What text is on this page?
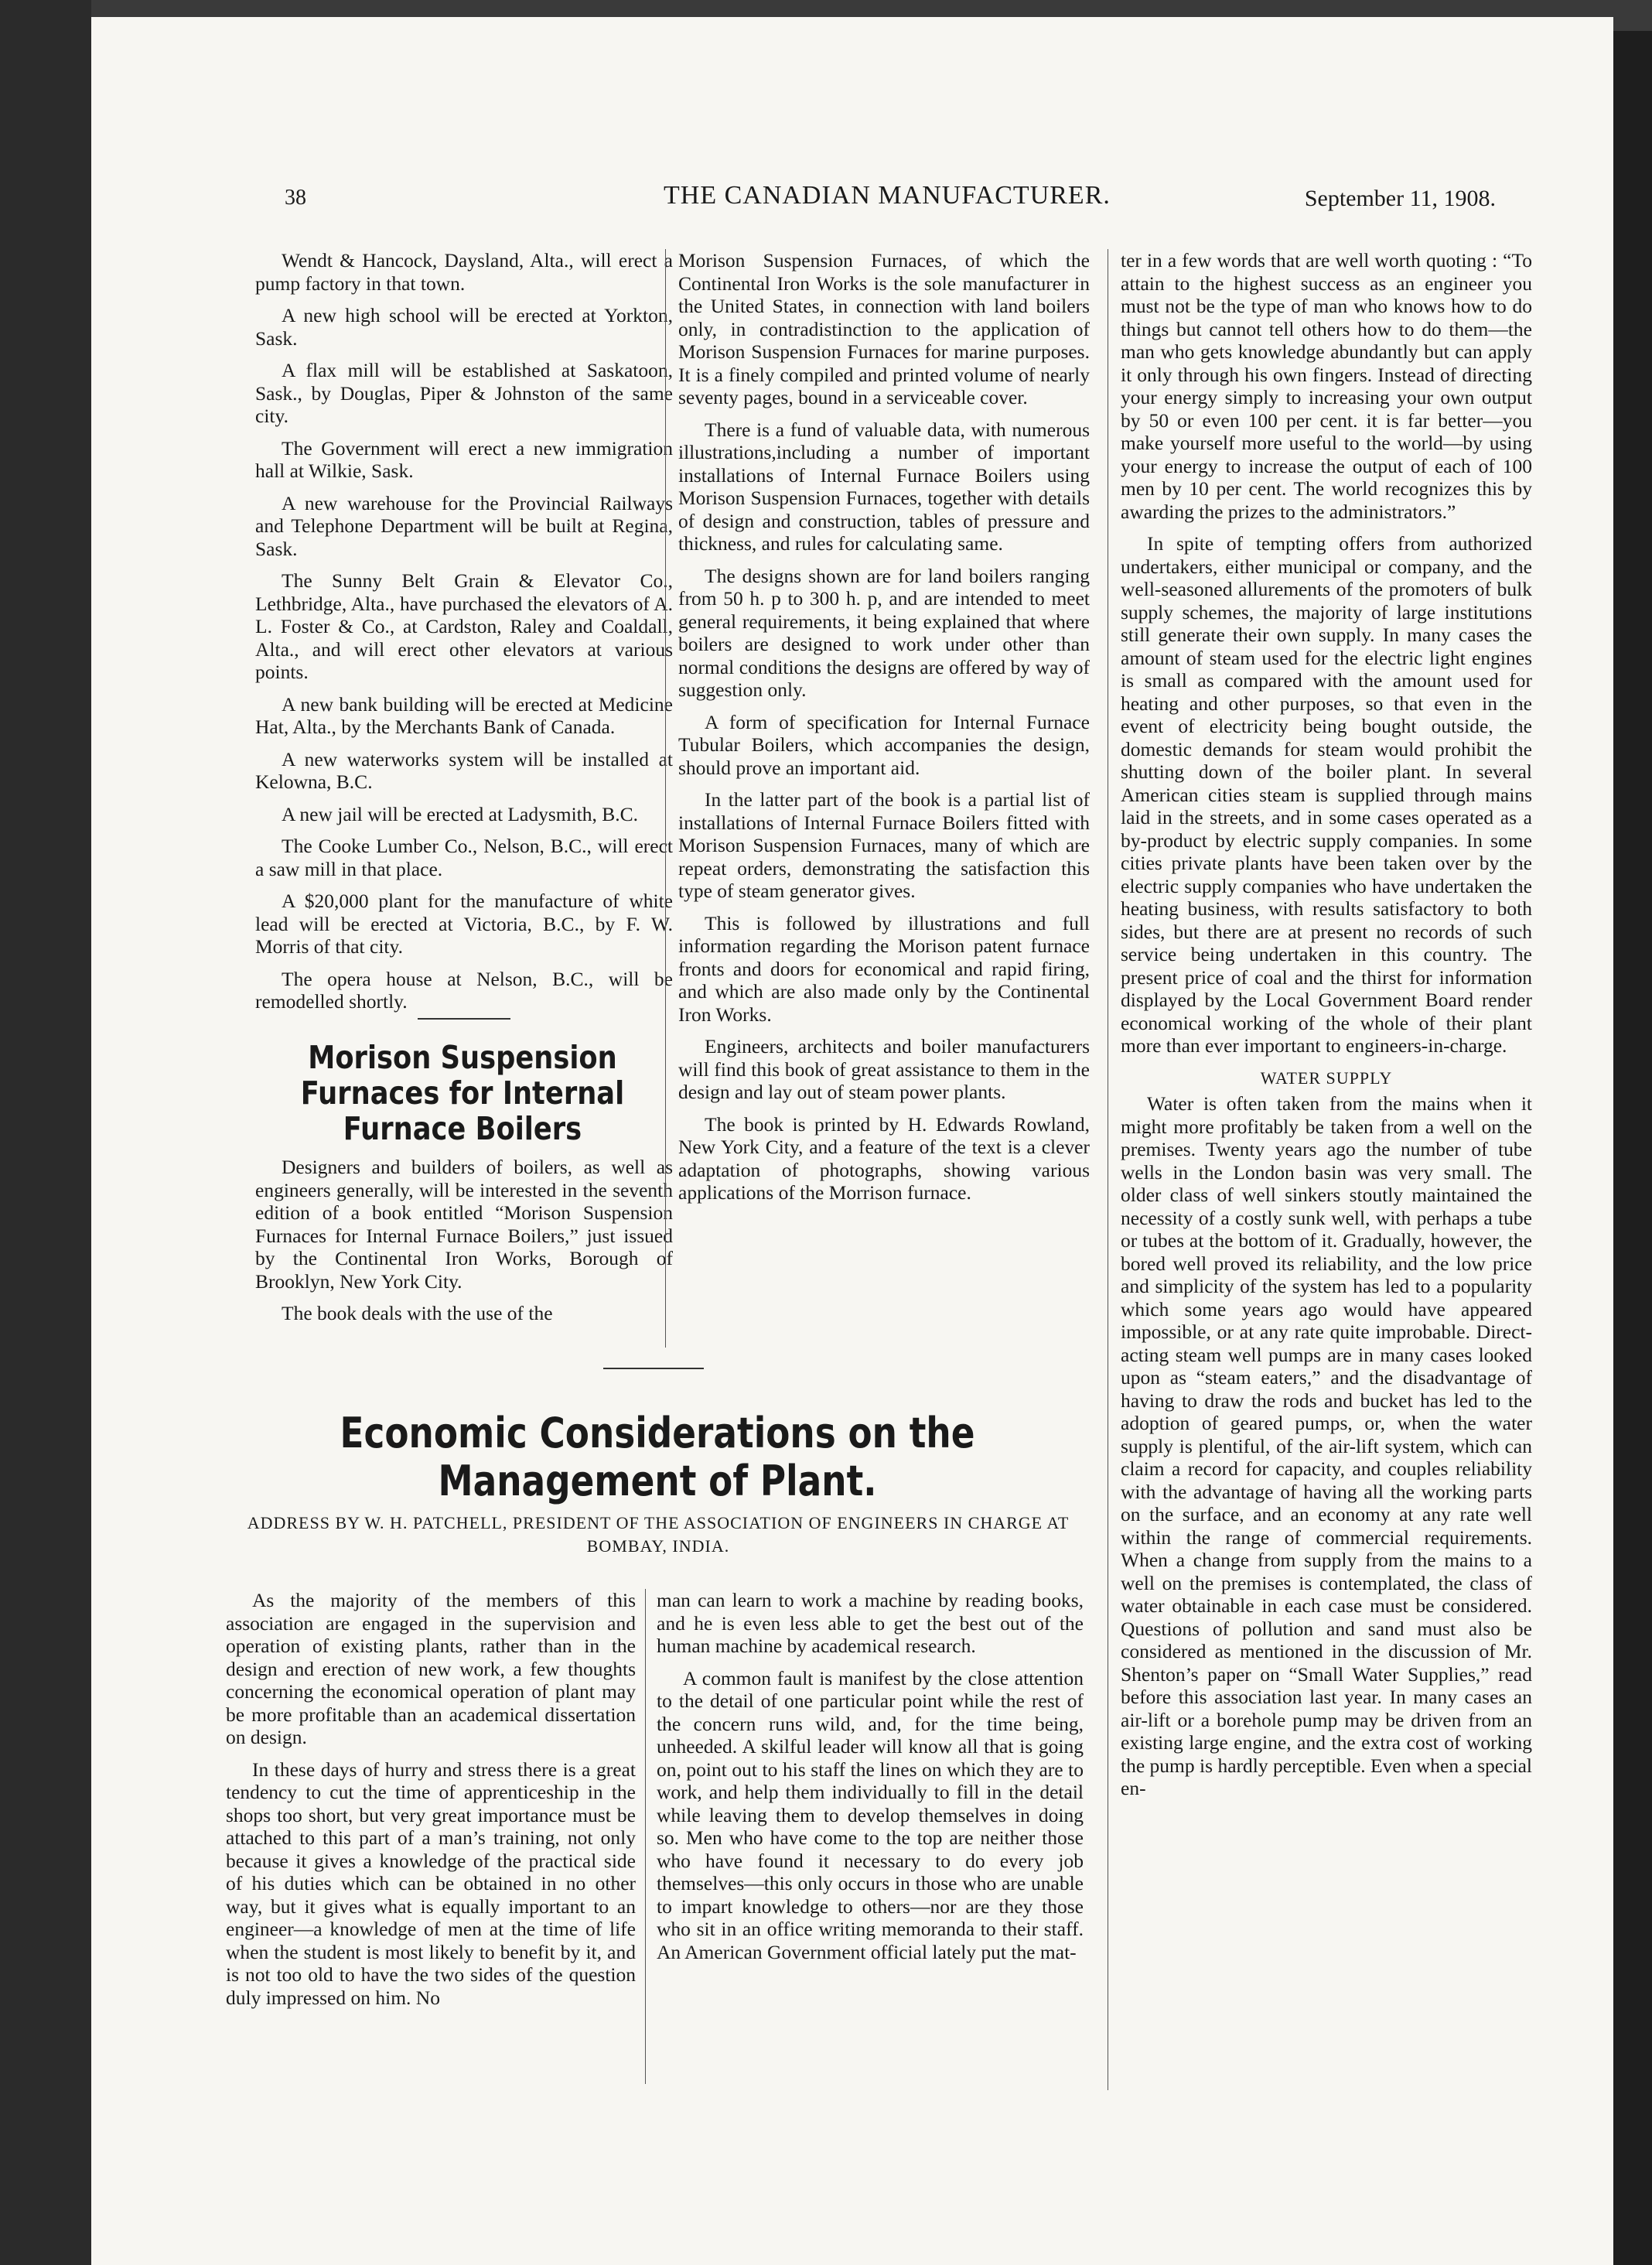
38	THE CANADIAN MANUFACTURER.	September 11, 1908.

Wendt & Hancock, Daysland, Alta., will erect a pump factory in that town.

A new high school will be erected at Yorkton, Sask.

A flax mill will be established at Saskatoon, Sask., by Douglas, Piper & Johnston of the same city.

The Government will erect a new immigration hall at Wilkie, Sask.

A new warehouse for the Provincial Railways and Telephone Department will be built at Regina, Sask.

The Sunny Belt Grain & Elevator Co., Lethbridge, Alta., have purchased the elevators of A. L. Foster & Co., at Cardston, Raley and Coaldall, Alta., and will erect other elevators at various points.

A new bank building will be erected at Medicine Hat, Alta., by the Merchants Bank of Canada.

A new waterworks system will be installed at Kelowna, B.C.

A new jail will be erected at Ladysmith, B.C.

The Cooke Lumber Co., Nelson, B.C., will erect a saw mill in that place.

A $20,000 plant for the manufacture of white lead will be erected at Victoria, B.C., by F. W. Morris of that city.

The opera house at Nelson, B.C., will be remodelled shortly.

Morison Suspension Furnaces for Internal Furnace Boilers

Designers and builders of boilers, as well as engineers generally, will be interested in the seventh edition of a book entitled “Morison Suspension Furnaces for Internal Furnace Boilers,” just issued by the Continental Iron Works, Borough of Brooklyn, New York City.

The book deals with the use of the

Morison Suspension Furnaces, of which the Continental Iron Works is the sole manufacturer in the United States, in connection with land boilers only, in contradistinction to the application of Morison Suspension Furnaces for marine purposes. It is a finely compiled and printed volume of nearly seventy pages, bound in a serviceable cover.

There is a fund of valuable data, with numerous illustrations,including a number of important installations of Internal Furnace Boilers using Morison Suspension Furnaces, together with details of design and construction, tables of pressure and thickness, and rules for calculating same.

The designs shown are for land boilers ranging from 50 h. p to 300 h. p, and are intended to meet general requirements, it being explained that where boilers are designed to work under other than normal conditions the designs are offered by way of suggestion only.

A form of specification for Internal Furnace Tubular Boilers, which accompanies the design, should prove an important aid.

In the latter part of the book is a partial list of installations of Internal Furnace Boilers fitted with Morison Suspension Furnaces, many of which are repeat orders, demonstrating the satisfaction this type of steam generator gives.

This is followed by illustrations and full information regarding the Morison patent furnace fronts and doors for economical and rapid firing, and which are also made only by the Continental Iron Works.

Engineers, architects and boiler manufacturers will find this book of great assistance to them in the design and lay out of steam power plants.

The book is printed by H. Edwards Rowland, New York City, and a feature of the text is a clever adaptation of photographs, showing various applications of the Morrison furnace.

ter in a few words that are well worth quoting : “To attain to the highest success as an engineer you must not be the type of man who knows how to do things but cannot tell others how to do them—the man who gets knowledge abundantly but can apply it only through his own fingers. Instead of directing your energy simply to increasing your own output by 50 or even 100 per cent. it is far better—you make yourself more useful to the world—by using your energy to increase the output of each of 100 men by 10 per cent. The world recognizes this by awarding the prizes to the administrators.”

In spite of tempting offers from authorized undertakers, either municipal or company, and the well-seasoned allurements of the promoters of bulk supply schemes, the majority of large institutions still generate their own supply. In many cases the amount of steam used for the electric light engines is small as compared with the amount used for heating and other purposes, so that even in the event of electricity being bought outside, the domestic demands for steam would prohibit the shutting down of the boiler plant. In several American cities steam is supplied through mains laid in the streets, and in some cases operated as a by-product by electric supply companies. In some cities private plants have been taken over by the electric supply companies who have undertaken the heating business, with results satisfactory to both sides, but there are at present no records of such service being undertaken in this country. The present price of coal and the thirst for information displayed by the Local Government Board render economical working of the whole of their plant more than ever important to engineers-in-charge.

WATER SUPPLY

Water is often taken from the mains when it might more profitably be taken from a well on the premises. Twenty years ago the number of tube wells in the London basin was very small. The older class of well sinkers stoutly maintained the necessity of a costly sunk well, with perhaps a tube or tubes at the bottom of it. Gradually, however, the bored well proved its reliability, and the low price and simplicity of the system has led to a popularity which some years ago would have appeared impossible, or at any rate quite improbable. Direct-acting steam well pumps are in many cases looked upon as “steam eaters,” and the disadvantage of having to draw the rods and bucket has led to the adoption of geared pumps, or, when the water supply is plentiful, of the air-lift system, which can claim a record for capacity, and couples reliability with the advantage of having all the working parts on the surface, and an economy at any rate well within the range of commercial requirements. When a change from supply from the mains to a well on the premises is contemplated, the class of water obtainable in each case must be considered. Questions of pollution and sand must also be considered as mentioned in the discussion of Mr. Shenton’s paper on “Small Water Supplies,” read before this association last year. In many cases an air-lift or a borehole pump may be driven from an existing large engine, and the extra cost of working the pump is hardly perceptible. Even when a special en-

Economic Considerations on the Management of Plant.
ADDRESS BY W. H. PATCHELL, PRESIDENT OF THE ASSOCIATION OF ENGINEERS IN CHARGE AT BOMBAY, INDIA.

As the majority of the members of this association are engaged in the supervision and operation of existing plants, rather than in the design and erection of new work, a few thoughts concerning the economical operation of plant may be more profitable than an academical dissertation on design.

In these days of hurry and stress there is a great tendency to cut the time of apprenticeship in the shops too short, but very great importance must be attached to this part of a man’s training, not only because it gives a knowledge of the practical side of his duties which can be obtained in no other way, but it gives what is equally important to an engineer—a knowledge of men at the time of life when the student is most likely to benefit by it, and is not too old to have the two sides of the question duly impressed on him. No

man can learn to work a machine by reading books, and he is even less able to get the best out of the human machine by academical research.

A common fault is manifest by the close attention to the detail of one particular point while the rest of the concern runs wild, and, for the time being, unheeded. A skilful leader will know all that is going on, point out to his staff the lines on which they are to work, and help them individually to fill in the detail while leaving them to develop themselves in doing so. Men who have come to the top are neither those who have found it necessary to do every job themselves—this only occurs in those who are unable to impart knowledge to others—nor are they those who sit in an office writing memoranda to their staff. An American Government official lately put the mat-
